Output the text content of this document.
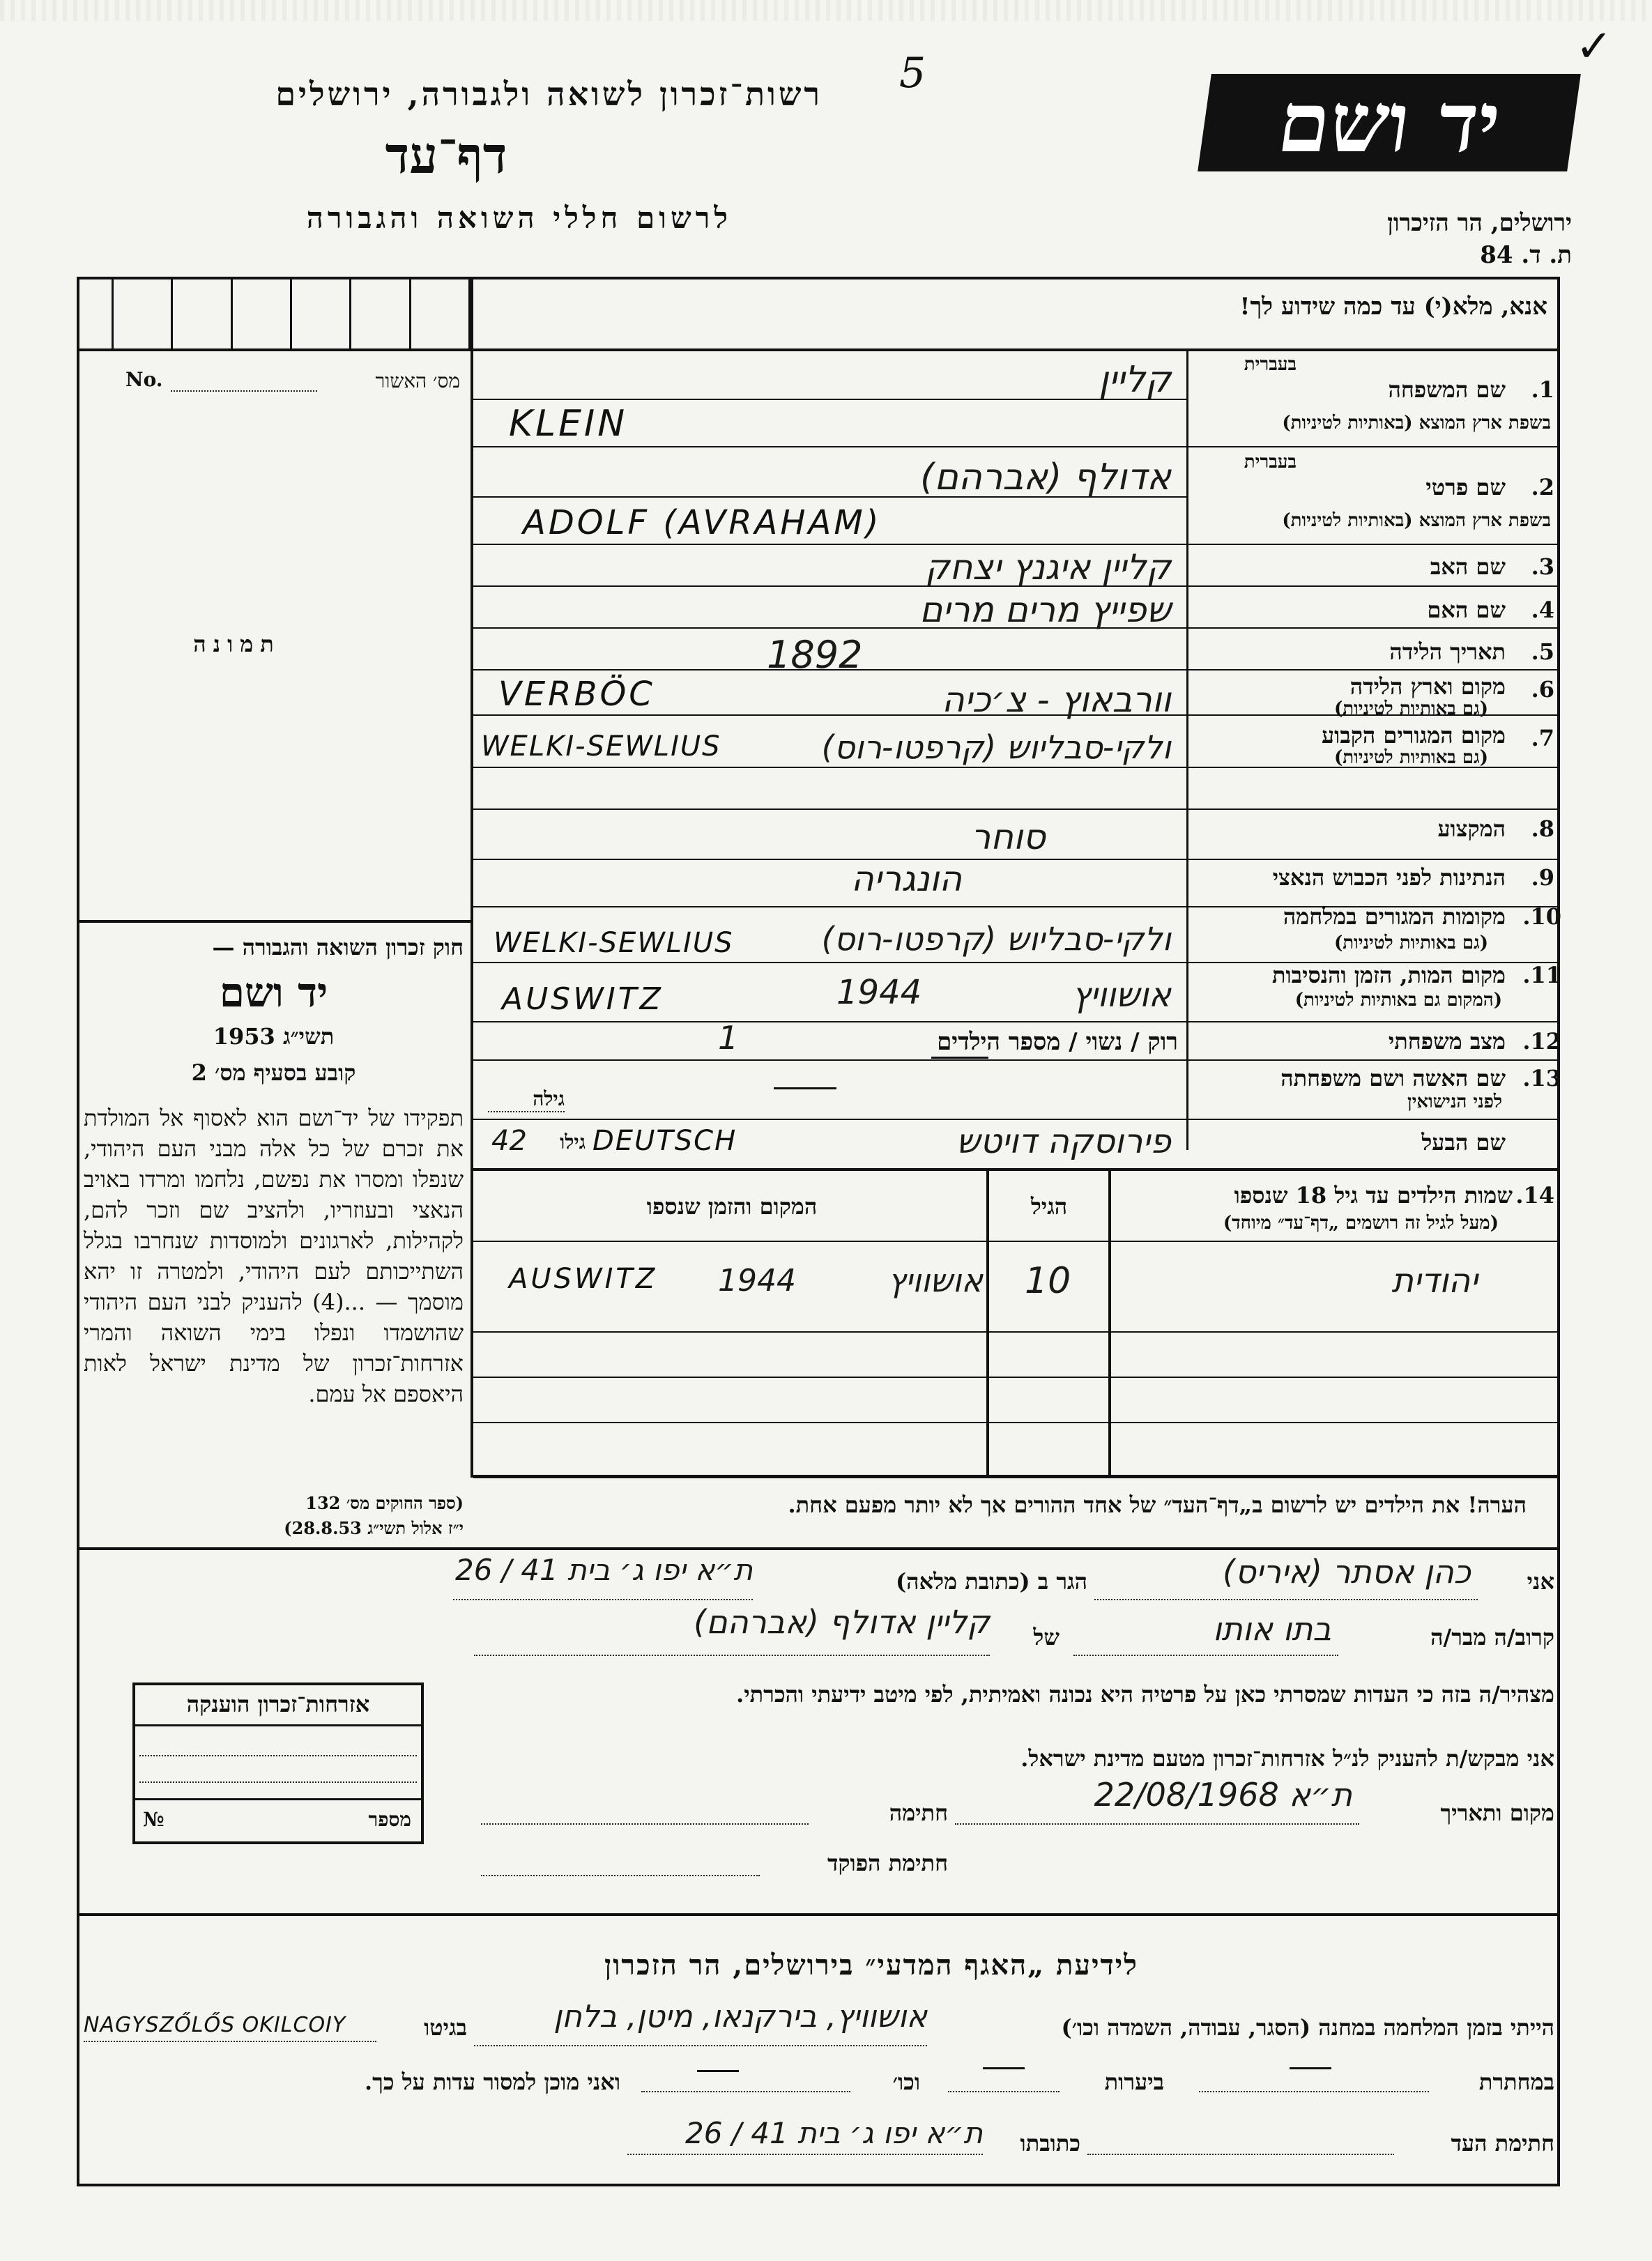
יד ושם
5
✓
רשות־זכרון לשואה ולגבורה, ירושלים
דף־עד
לרשום חללי השואה והגבורה	ירושלים, הר הזיכרון
ת. ד. 84
אנא, מלא(י) עד כמה שידוע לך!
מס׳ האשור
No.
תמונה
חוק זכרון השואה והגבורה —
יד ושם
תשי״ג 1953
קובע בסעיף מס׳ 2
תפקידו של יד־ושם הוא לאסוף אל המולדת את זכרם של כל אלה מבני העם היהודי, שנפלו ומסרו את נפשם, נלחמו ומרדו באויב הנאצי ובעוזריו, ולהציב שם וזכר להם, לקהילות, לארגונים ולמוסדות שנחרבו בגלל השתייכותם לעם היהודי, ולמטרה זו יהא מוסמך — ...(4) להעניק לבני העם היהודי שהושמדו ונפלו בימי השואה והמרי אזרחות־זכרון של מדינת ישראל לאות היאספם אל עמם.
(ספר החוקים מס׳ 132
י״ז אלול תשי״ג 28.8.53)
1.
שם המשפחה
בעברית
בשפת ארץ המוצא (באותיות לטיניות)
קליין
KLEIN
2.
שם פרטי
בעברית
בשפת ארץ המוצא (באותיות לטיניות)
אדולף (אברהם)
ADOLF (AVRAHAM)
3.
שם האב
קליין איגנץ יצחק
4.
שם האם
שפייץ מרים מרים
5.
תאריך הלידה
1892
6.
מקום וארץ הלידה
(גם באותיות לטיניות)
וורבאוץ - צ׳כיה
VERBÖC
7.
מקום המגורים הקבוע
(גם באותיות לטיניות)
ולקי-סבליוש (קרפטו-רוס)
WELKI-SEWLIUS
8.
המקצוע
סוחר
9.
הנתינות לפני הכבוש הנאצי
הונגריה
10.
מקומות המגורים במלחמה
(גם באותיות לטיניות)
ולקי-סבליוש (קרפטו-רוס)
WELKI-SEWLIUS
11.
מקום המות, הזמן והנסיבות
(המקום גם באותיות לטיניות)
אושוויץ
1944
AUSWITZ
12.
מצב משפחתי
רוק / נשוי / מספר הילדים
1
13.
שם האשה ושם משפחתה
לפני הנישואין
גילה
שם הבעל
פירוסקה דויטש
DEUTSCH
גילו
42
14.
שמות הילדים עד גיל 18 שנספו
(מעל לגיל זה רושמים „דף־עד״ מיוחד)
הגיל
המקום והזמן שנספו
יהודית
10
אושוויץ
1944
AUSWITZ
הערה! את הילדים יש לרשום ב„דף־העד״ של אחד ההורים אך לא יותר מפעם אחת.
אני
כהן אסתר (איריס)
הגר ב (כתובת מלאה)
ת״א יפו ג׳ בית 41 / 26
קרוב/ה מבר/ה
בתו אותו
של
קליין אדולף (אברהם)
מצהיר/ה בזה כי העדות שמסרתי כאן על פרטיה היא נכונה ואמיתית, לפי מיטב ידיעתי והכרתי.
אני מבקש/ת להעניק לנ״ל אזרחות־זכרון מטעם מדינת ישראל.
מקום ותאריך
ת״א 22/08/1968
חתימה
חתימת הפוקד
אזרחות־זכרון הוענקה
מספר
№
לידיעת „האגף המדעי״ בירושלים, הר הזכרון
הייתי בזמן המלחמה במחנה (הסגר, עבודה, השמדה וכו׳)
אושוויץ, בירקנאו, מיטן, בלחן
בגיטו
NAGYSZŐLŐS OKILCOIY
במחתרת
ביערות
וכו׳
ואני מוכן למסור עדות על כך.
חתימת העד
כתובתו
ת״א יפו ג׳ בית 41 / 26
